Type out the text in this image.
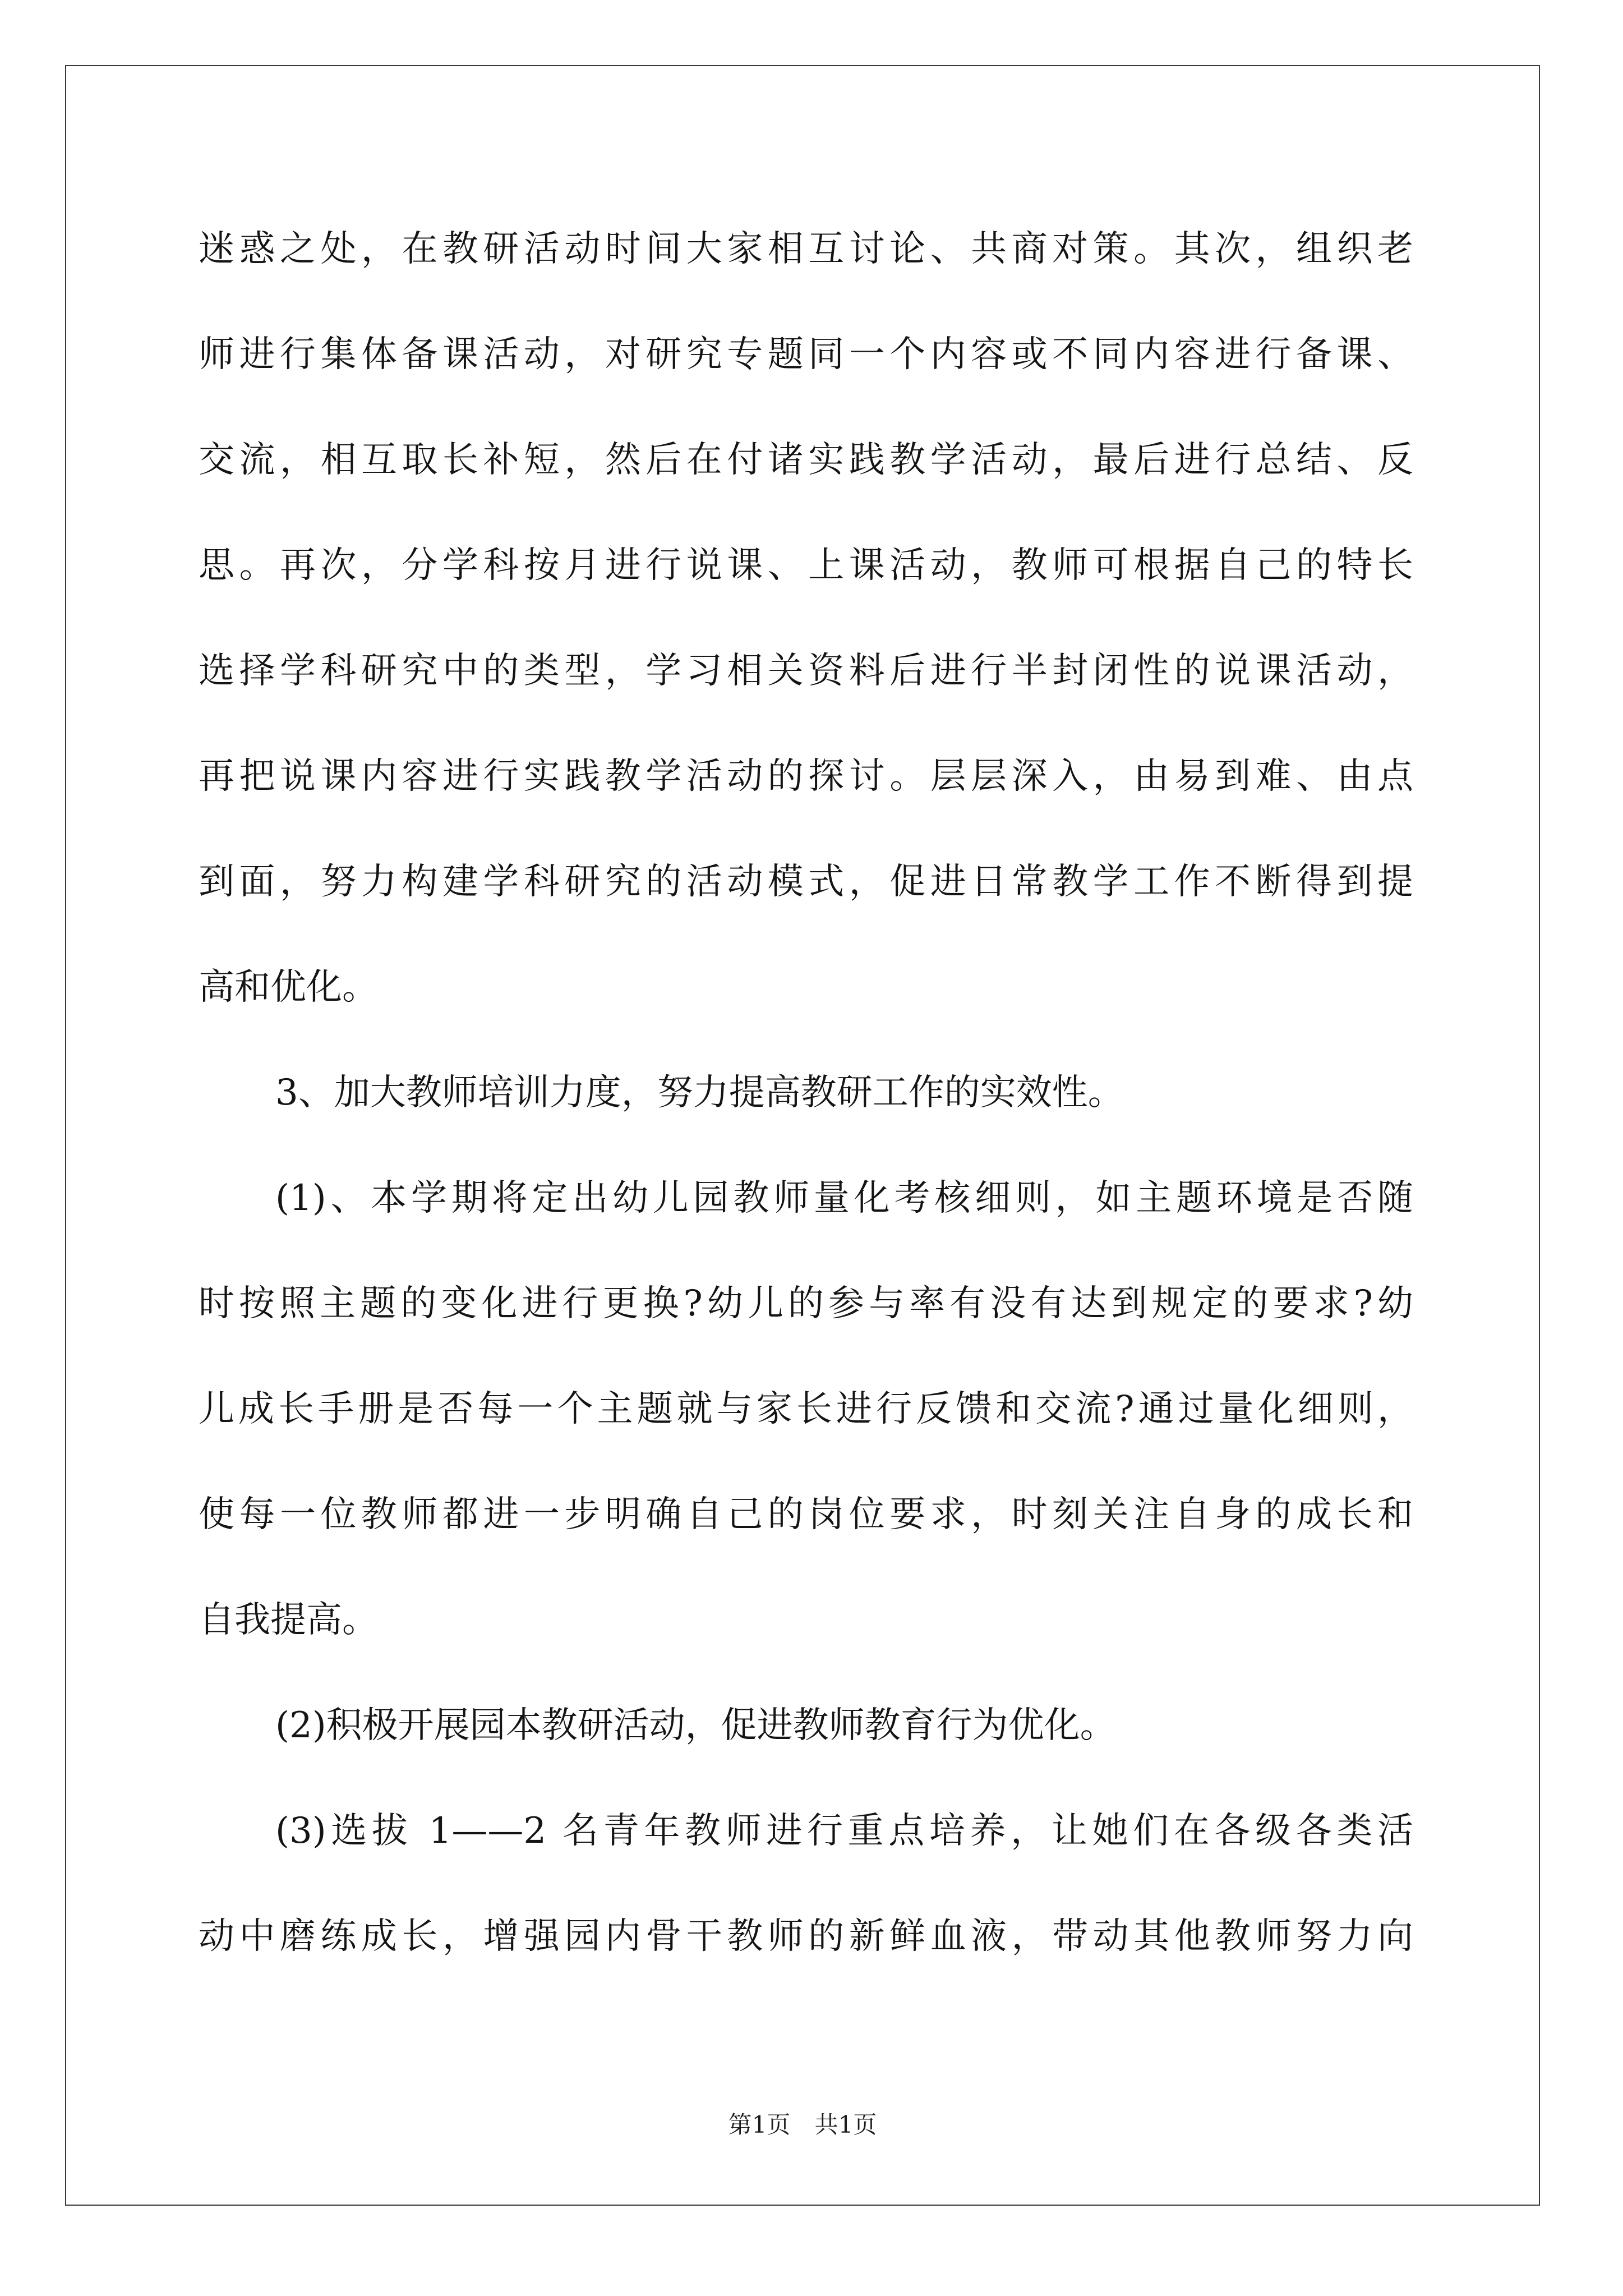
迷惑之处，在教研活动时间大家相互讨论、共商对策。其次，组织老
师进行集体备课活动，对研究专题同一个内容或不同内容进行备课、
交流，相互取长补短，然后在付诸实践教学活动，最后进行总结、反
思。再次，分学科按月进行说课、上课活动，教师可根据自己的特长
选择学科研究中的类型，学习相关资料后进行半封闭性的说课活动，
再把说课内容进行实践教学活动的探讨。层层深入，由易到难、由点
到面，努力构建学科研究的活动模式，促进日常教学工作不断得到提
高和优化。
3、加大教师培训力度，努力提高教研工作的实效性。
(1)、本学期将定出幼儿园教师量化考核细则，如主题环境是否随
时按照主题的变化进行更换?幼儿的参与率有没有达到规定的要求?幼
儿成长手册是否每一个主题就与家长进行反馈和交流?通过量化细则，
使每一位教师都进一步明确自己的岗位要求，时刻关注自身的成长和
自我提高。
(2)积极开展园本教研活动，促进教师教育行为优化。
(3)选拔 1——2 名青年教师进行重点培养，让她们在各级各类活
动中磨练成长，增强园内骨干教师的新鲜血液，带动其他教师努力向
第1页 共1页
